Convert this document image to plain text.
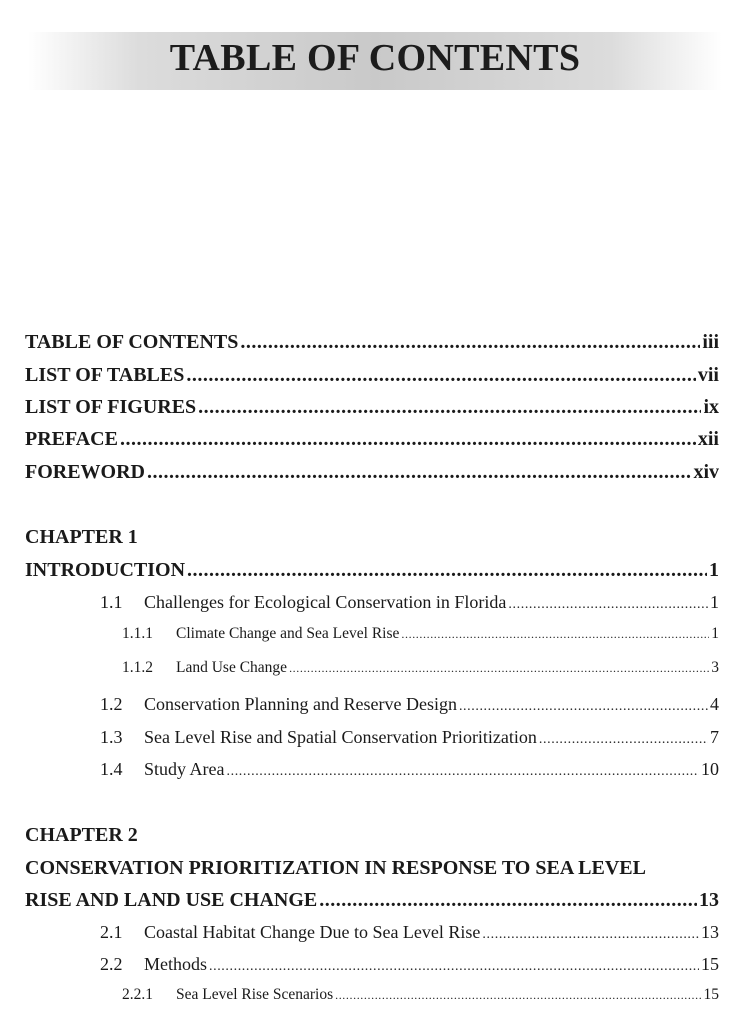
TABLE OF CONTENTS
TABLE OF CONTENTS .....	iii
LIST OF TABLES .....	vii
LIST OF FIGURES .....	ix
PREFACE .....	xii
FOREWORD .....	xiv
CHAPTER 1
INTRODUCTION .....	1
1.1	Challenges for Ecological Conservation in Florida .....	1
1.1.1	Climate Change and Sea Level Rise .....	1
1.1.2	Land Use Change .....	3
1.2	Conservation Planning and Reserve Design .....	4
1.3	Sea Level Rise and Spatial Conservation Prioritization .....	7
1.4	Study Area .....	10
CHAPTER 2
CONSERVATION PRIORITIZATION IN RESPONSE TO SEA LEVEL
RISE AND LAND USE CHANGE .....	13
2.1	Coastal Habitat Change Due to Sea Level Rise .....	13
2.2	Methods .....	15
2.2.1	Sea Level Rise Scenarios .....	15
